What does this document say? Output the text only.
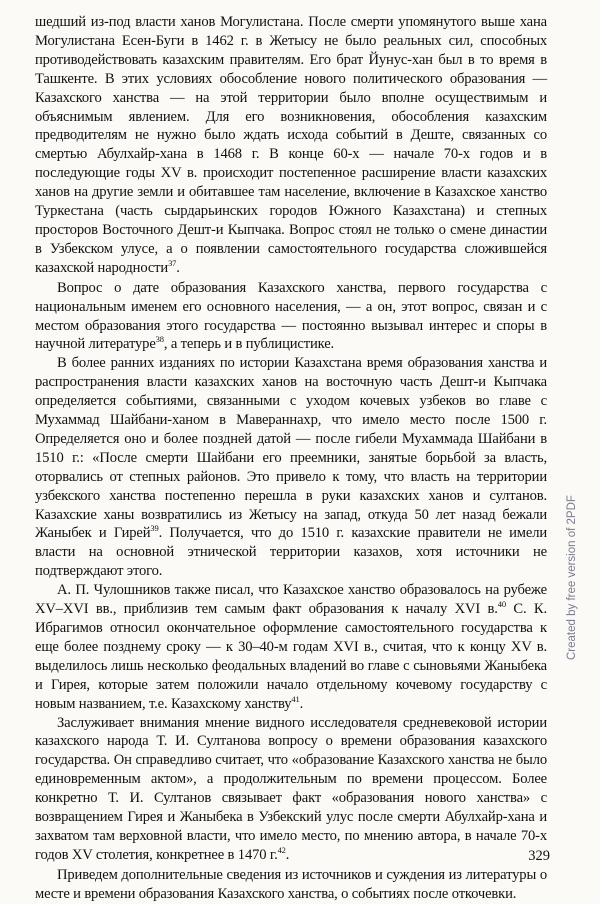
шедший из-под власти ханов Могулистана. После смерти упомянутого выше хана Могулистана Есен-Буги в 1462 г. в Жетысу не было реальных сил, способных противодействовать казахским правителям. Его брат Йунус-хан был в то время в Ташкенте. В этих условиях обособление нового политического образования — Казахского ханства — на этой территории было вполне осуществимым и объяснимым явлением. Для его возникновения, обособления казахским предводителям не нужно было ждать исхода событий в Деште, связанных со смертью Абулхайр-хана в 1468 г. В конце 60-х — начале 70-х годов и в последующие годы XV в. происходит постепенное расширение власти казахских ханов на другие земли и обитавшее там население, включение в Казахское ханство Туркестана (часть сырдарьинских городов Южного Казахстана) и степных просторов Восточного Дешт-и Кыпчака. Вопрос стоял не только о смене династии в Узбекском улусе, а о появлении самостоятельного государства сложившейся казахской народности$^{37}$.

Вопрос о дате образования Казахского ханства, первого государства с национальным именем его основного населения, — а он, этот вопрос, связан и с местом образования этого государства — постоянно вызывал интерес и споры в научной литературе$^{38}$, а теперь и в публицистике.

В более ранних изданиях по истории Казахстана время образования ханства и распространения власти казахских ханов на восточную часть Дешт-и Кыпчака определяется событиями, связанными с уходом кочевых узбеков во главе с Мухаммад Шайбани-ханом в Мавераннахр, что имело место после 1500 г. Определяется оно и более поздней датой — после гибели Мухаммада Шайбани в 1510 г.: «После смерти Шайбани его преемники, занятые борьбой за власть, оторвались от степных районов. Это привело к тому, что власть на территории узбекского ханства постепенно перешла в руки казахских ханов и султанов. Казахские ханы возвратились из Жетысу на запад, откуда 50 лет назад бежали Жаныбек и Гирей$^{39}$. Получается, что до 1510 г. казахские правители не имели власти на основной этнической территории казахов, хотя источники не подтверждают этого.

А. П. Чулошников также писал, что Казахское ханство образовалось на рубеже XV–XVI вв., приблизив тем самым факт образования к началу XVI в.$^{40}$ С. К. Ибрагимов относил окончательное оформление самостоятельного государства к еще более позднему сроку — к 30–40-м годам XVI в., считая, что к концу XV в. выделилось лишь несколько феодальных владений во главе с сыновьями Жаныбека и Гирея, которые затем положили начало отдельному кочевому государству с новым названием, т.е. Казахскому ханству$^{41}$.

Заслуживает внимания мнение видного исследователя средневековой истории казахского народа Т. И. Султанова вопросу о времени образования казахского государства. Он справедливо считает, что «образование Казахского ханства не было единовременным актом», а продолжительным по времени процессом. Более конкретно Т. И. Султанов связывает факт «образования нового ханства» с возвращением Гирея и Жаныбека в Узбекский улус после смерти Абулхайр-хана и захватом там верховной власти, что имело место, по мнению автора, в начале 70-х годов XV столетия, конкретнее в 1470 г.$^{42}$.

Приведем дополнительные сведения из источников и суждения из литературы о месте и времени образования Казахского ханства, о событиях после откочевки.

Created by free version of 2PDF
329
